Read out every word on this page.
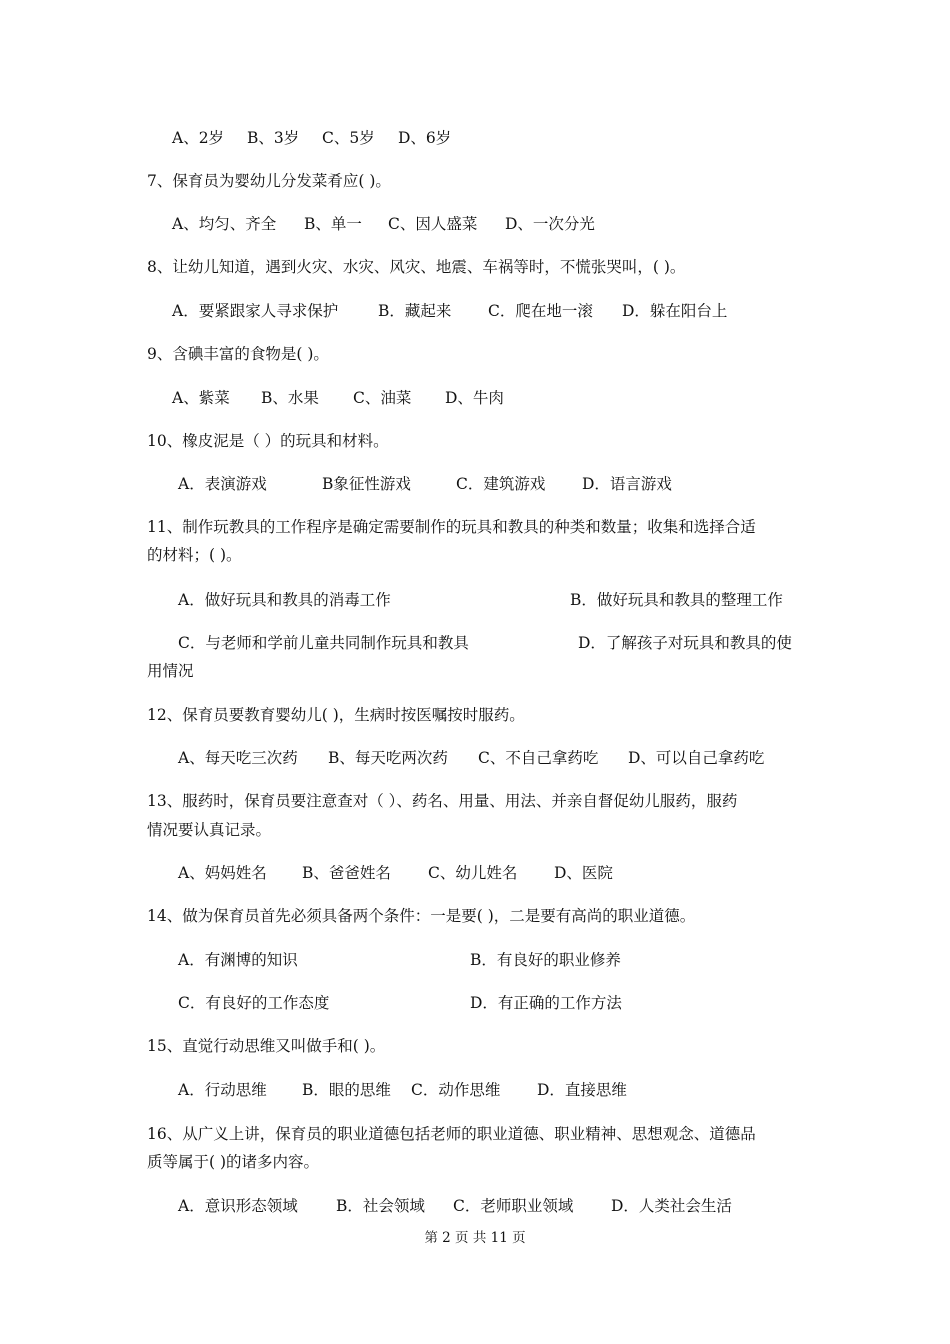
A、2岁 B、3岁 C、5岁 D、6岁
7、保育员为婴幼儿分发菜肴应( )。
A、均匀、齐全 B、单一 C、因人盛菜 D、一次分光
8、让幼儿知道，遇到火灾、水灾、风灾、地震、车祸等时，不慌张哭叫，( )。
A．要紧跟家人寻求保护	B．藏起来 C．爬在地一滚 D．躲在阳台上
9、含碘丰富的食物是( )。
A、紫菜 B、水果 C、油菜 D、牛肉
10、橡皮泥是（ ）的玩具和材料。
A．表演游戏	B象征性游戏	C．建筑游戏 D．语言游戏
11、制作玩教具的工作程序是确定需要制作的玩具和教具的种类和数量；收集和选择合适
的材料；( )。
A．做好玩具和教具的消毒工作	B．做好玩具和教具的整理工作
C．与老师和学前儿童共同制作玩具和教具	D．了解孩子对玩具和教具的使
用情况
12、保育员要教育婴幼儿( )，生病时按医嘱按时服药。
A、每天吃三次药 B、每天吃两次药 C、不自己拿药吃 D、可以自己拿药吃
13、服药时，保育员要注意查对（ ）、药名、用量、用法、并亲自督促幼儿服药，服药
情况要认真记录。
A、妈妈姓名 B、爸爸姓名 C、幼儿姓名 D、医院
14、做为保育员首先必须具备两个条件：一是要( )，二是要有高尚的职业道德。
A．有渊博的知识	B．有良好的职业修养
C．有良好的工作态度	D．有正确的工作方法
15、直觉行动思维又叫做手和( )。
A．行动思维 B．眼的思维 C．动作思维 D．直接思维
16、从广义上讲，保育员的职业道德包括老师的职业道德、职业精神、思想观念、道德品
质等属于( )的诸多内容。
A．意识形态领域 B．社会领域 C．老师职业领域 D．人类社会生活
第 2 页 共 11 页
